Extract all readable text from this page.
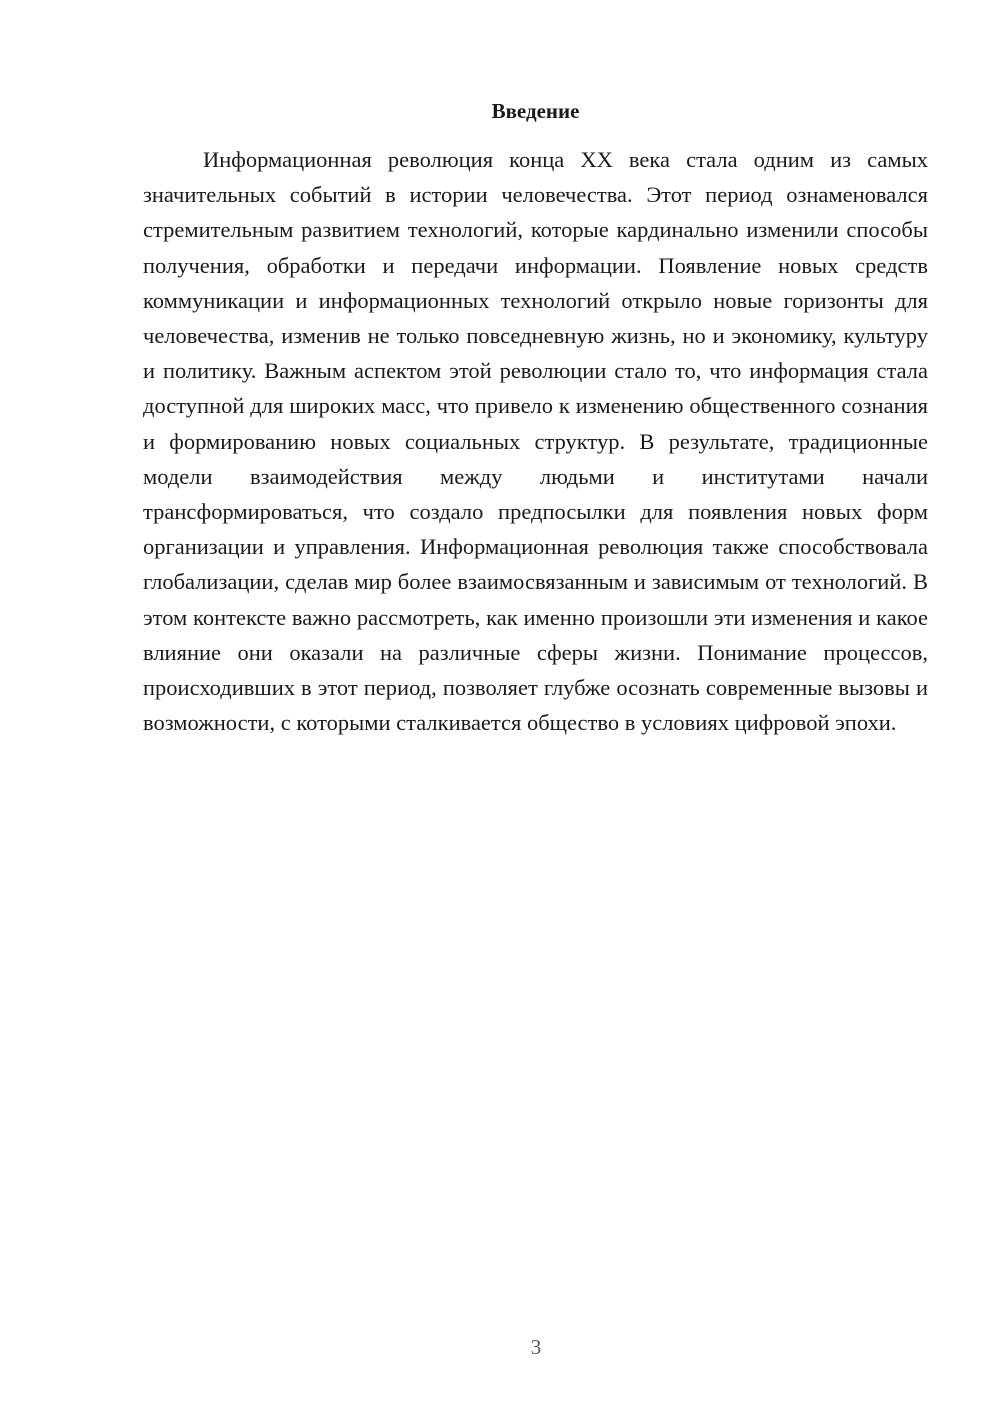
Введение

Информационная революция конца XX века стала одним из самых значительных событий в истории человечества. Этот период ознаменовался стремительным развитием технологий, которые кардинально изменили способы получения, обработки и передачи информации. Появление новых средств коммуникации и информационных технологий открыло новые горизонты для человечества, изменив не только повседневную жизнь, но и экономику, культуру и политику. Важным аспектом этой революции стало то, что информация стала доступной для широких масс, что привело к изменению общественного сознания и формированию новых социальных структур. В результате, традиционные модели взаимодействия между людьми и институтами начали трансформироваться, что создало предпосылки для появления новых форм организации и управления. Информационная революция также способствовала глобализации, сделав мир более взаимосвязанным и зависимым от технологий. В этом контексте важно рассмотреть, как именно произошли эти изменения и какое влияние они оказали на различные сферы жизни. Понимание процессов, происходивших в этот период, позволяет глубже осознать современные вызовы и возможности, с которыми сталкивается общество в условиях цифровой эпохи.

3
